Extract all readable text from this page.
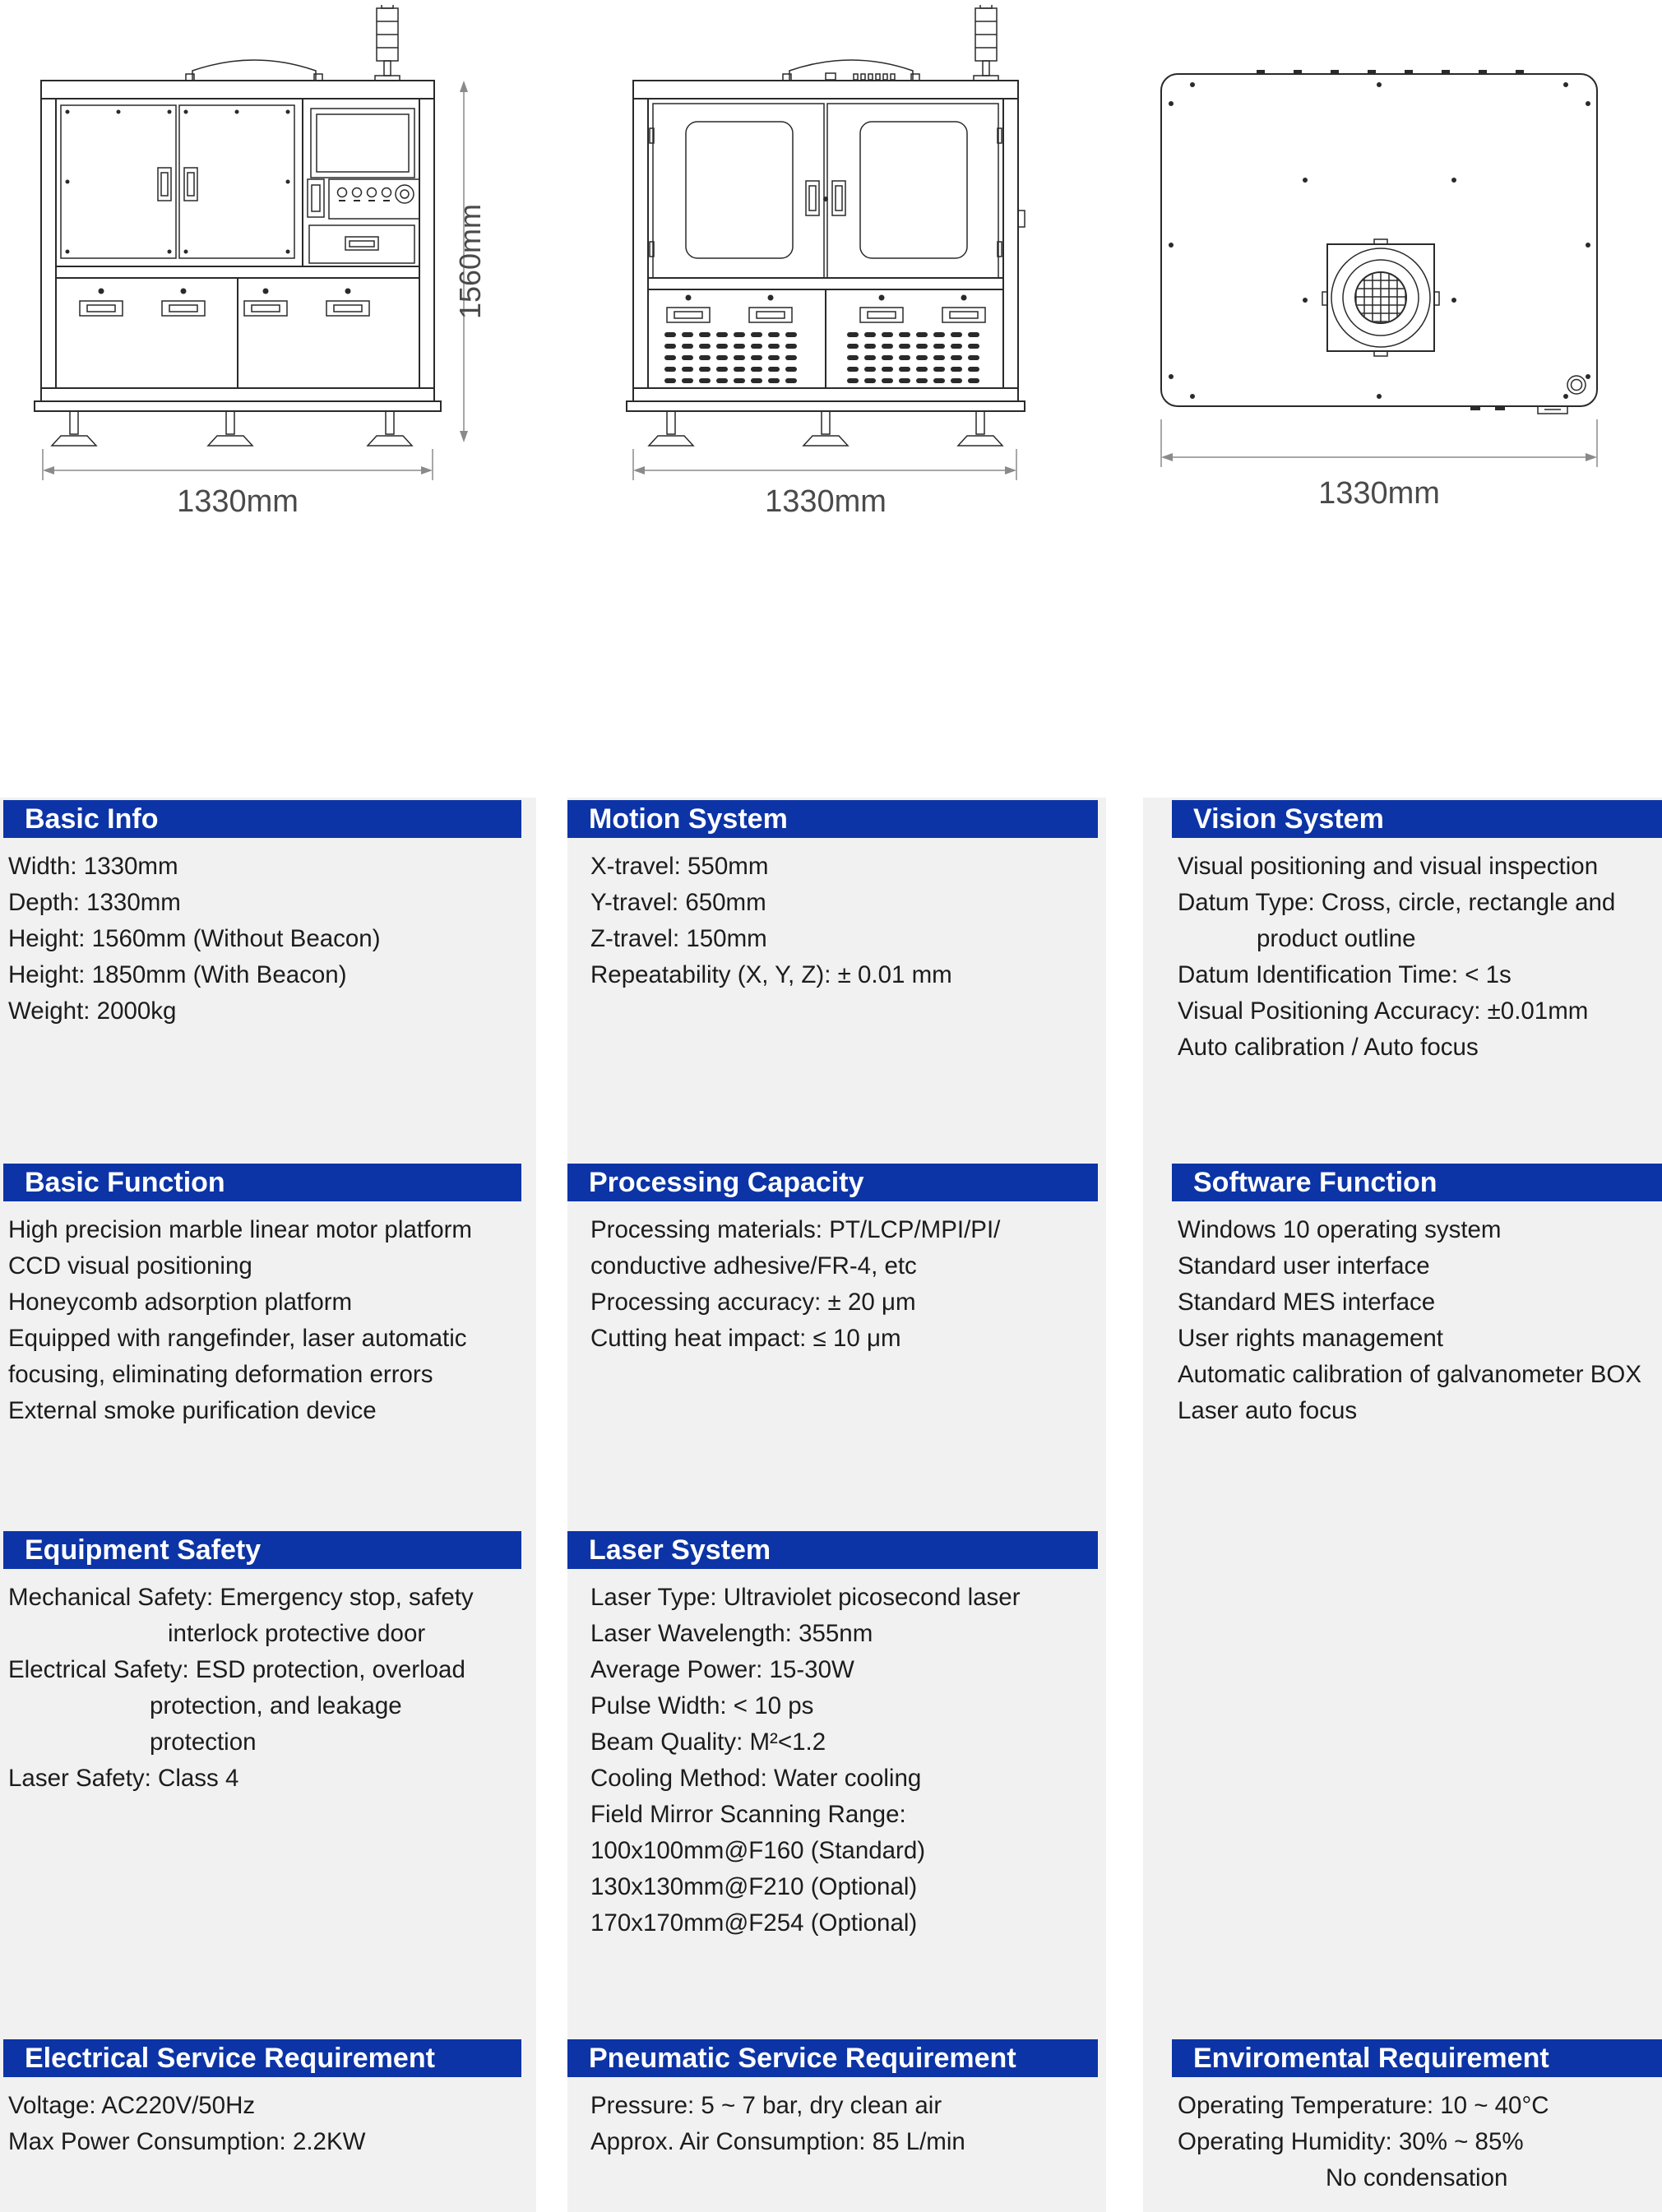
1560mm
1330mm	1330mm	1330mm
Basic Info
Width: 1330mm
Depth: 1330mm
Height: 1560mm (Without Beacon)
Height: 1850mm (With Beacon)
Weight: 2000kg
Motion System
X-travel: 550mm
Y-travel: 650mm
Z-travel: 150mm
Repeatability (X, Y, Z): ± 0.01 mm
Vision System
Visual positioning and visual inspection
Datum Type: Cross, circle, rectangle and
product outline
Datum Identification Time: < 1s
Visual Positioning Accuracy: ±0.01mm
Auto calibration / Auto focus
Basic Function
High precision marble linear motor platform
CCD visual positioning
Honeycomb adsorption platform
Equipped with rangefinder, laser automatic
focusing, eliminating deformation errors
External smoke purification device
Processing Capacity
Processing materials: PT/LCP/MPI/PI/
conductive adhesive/FR-4, etc
Processing accuracy: ± 20 μm
Cutting heat impact: ≤ 10 μm
Software Function
Windows 10 operating system
Standard user interface
Standard MES interface
User rights management
Automatic calibration of galvanometer BOX
Laser auto focus
Equipment Safety
Mechanical Safety: Emergency stop, safety
interlock protective door
Electrical Safety: ESD protection, overload
protection, and leakage
protection
Laser Safety: Class 4
Laser System
Laser Type: Ultraviolet picosecond laser
Laser Wavelength: 355nm
Average Power: 15-30W
Pulse Width: < 10 ps
Beam Quality: M²<1.2
Cooling Method: Water cooling
Field Mirror Scanning Range:
100x100mm@F160 (Standard)
130x130mm@F210 (Optional)
170x170mm@F254 (Optional)
Electrical Service Requirement
Voltage: AC220V/50Hz
Max Power Consumption: 2.2KW
Pneumatic Service Requirement
Pressure: 5 ~ 7 bar, dry clean air
Approx. Air Consumption: 85 L/min
Enviromental Requirement
Operating Temperature: 10 ~ 40°C
Operating Humidity: 30% ~ 85%
No condensation
